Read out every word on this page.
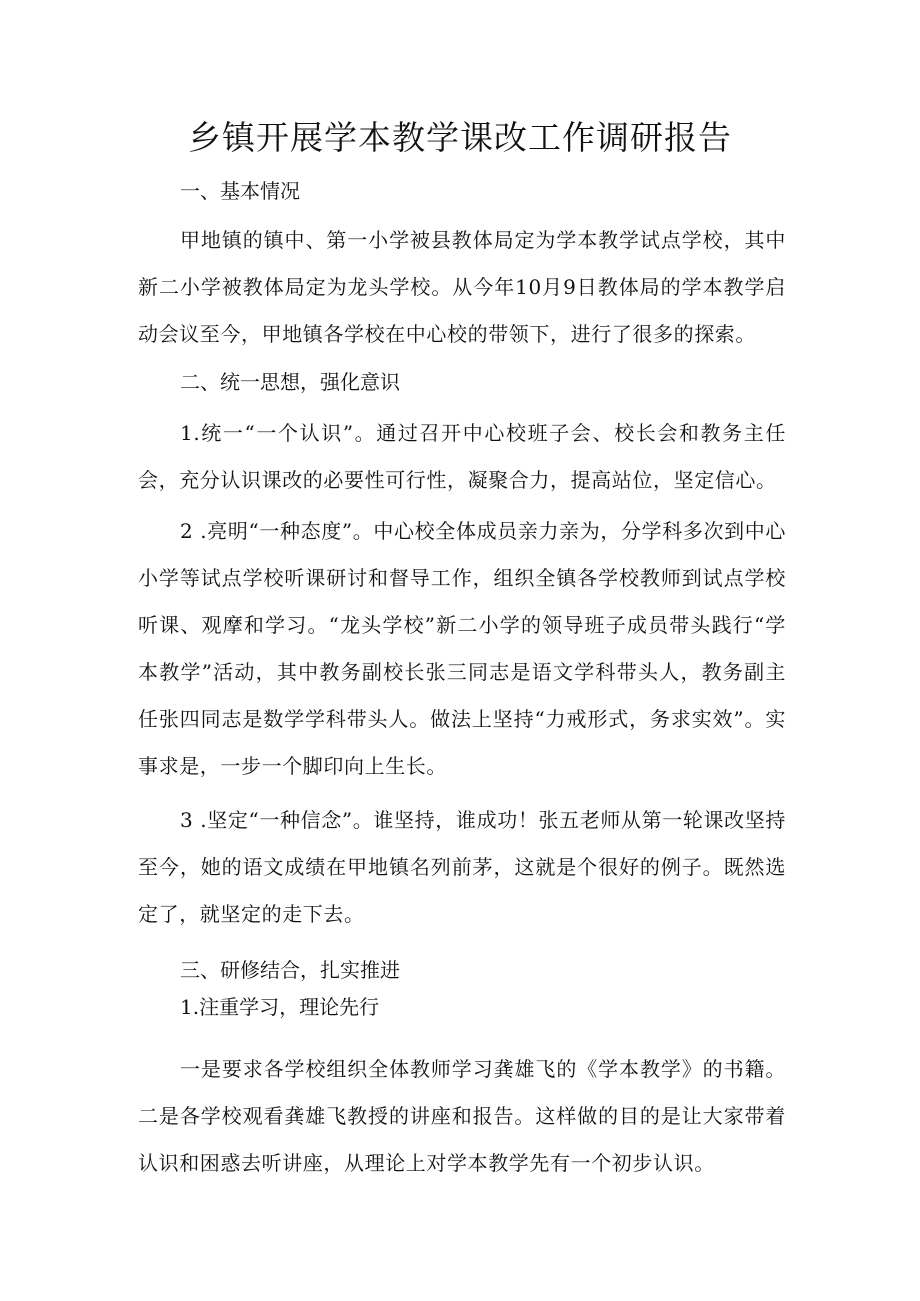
乡镇开展学本教学课改工作调研报告

一、基本情况

甲地镇的镇中、第一小学被县教体局定为学本教学试点学校，其中新二小学被教体局定为龙头学校。从今年10月9日教体局的学本教学启动会议至今，甲地镇各学校在中心校的带领下，进行了很多的探索。

二、统一思想，强化意识

1.统一“一个认识”。通过召开中心校班子会、校长会和教务主任会，充分认识课改的必要性可行性，凝聚合力，提高站位，坚定信心。

2 .亮明“一种态度”。中心校全体成员亲力亲为，分学科多次到中心小学等试点学校听课研讨和督导工作，组织全镇各学校教师到试点学校听课、观摩和学习。“龙头学校”新二小学的领导班子成员带头践行“学本教学”活动，其中教务副校长张三同志是语文学科带头人，教务副主任张四同志是数学学科带头人。做法上坚持“力戒形式，务求实效”。实事求是，一步一个脚印向上生长。

3 .坚定“一种信念”。谁坚持，谁成功！张五老师从第一轮课改坚持至今，她的语文成绩在甲地镇名列前茅，这就是个很好的例子。既然选定了，就坚定的走下去。

三、研修结合，扎实推进

1.注重学习，理论先行

一是要求各学校组织全体教师学习龚雄飞的《学本教学》的书籍。二是各学校观看龚雄飞教授的讲座和报告。这样做的目的是让大家带着认识和困惑去听讲座，从理论上对学本教学先有一个初步认识。
